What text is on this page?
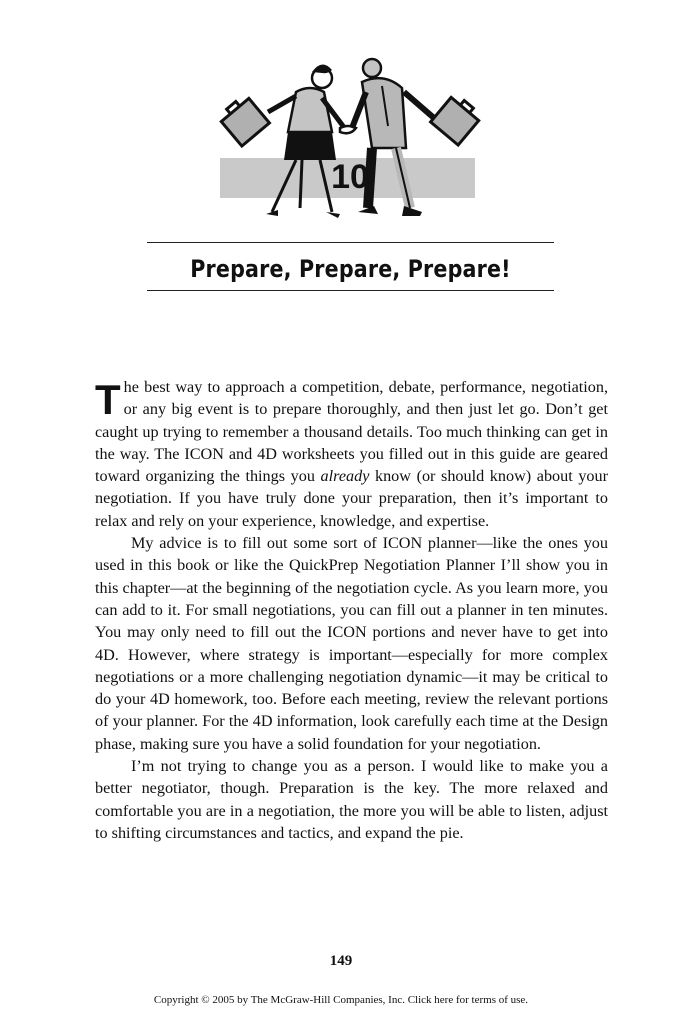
10
Prepare, Prepare, Prepare!

The best way to approach a competition, debate, performance, negotiation, or any big event is to prepare thoroughly, and then just let go. Don’t get caught up trying to remember a thousand details. Too much thinking can get in the way. The ICON and 4D worksheets you filled out in this guide are geared toward organizing the things you already know (or should know) about your negotiation. If you have truly done your preparation, then it’s important to relax and rely on your experience, knowledge, and expertise.

My advice is to fill out some sort of ICON planner—like the ones you used in this book or like the QuickPrep Negotiation Planner I’ll show you in this chapter—at the beginning of the negotiation cycle. As you learn more, you can add to it. For small negotiations, you can fill out a planner in ten minutes. You may only need to fill out the ICON portions and never have to get into 4D. However, where strategy is important—especially for more complex negotiations or a more challenging negotiation dynamic—it may be critical to do your 4D homework, too. Before each meeting, review the relevant portions of your planner. For the 4D information, look carefully each time at the Design phase, making sure you have a solid foundation for your negotiation.

I’m not trying to change you as a person. I would like to make you a better negotiator, though. Preparation is the key. The more relaxed and comfortable you are in a negotiation, the more you will be able to listen, adjust to shifting circumstances and tactics, and expand the pie.

149
Copyright © 2005 by The McGraw-Hill Companies, Inc. Click here for terms of use.
